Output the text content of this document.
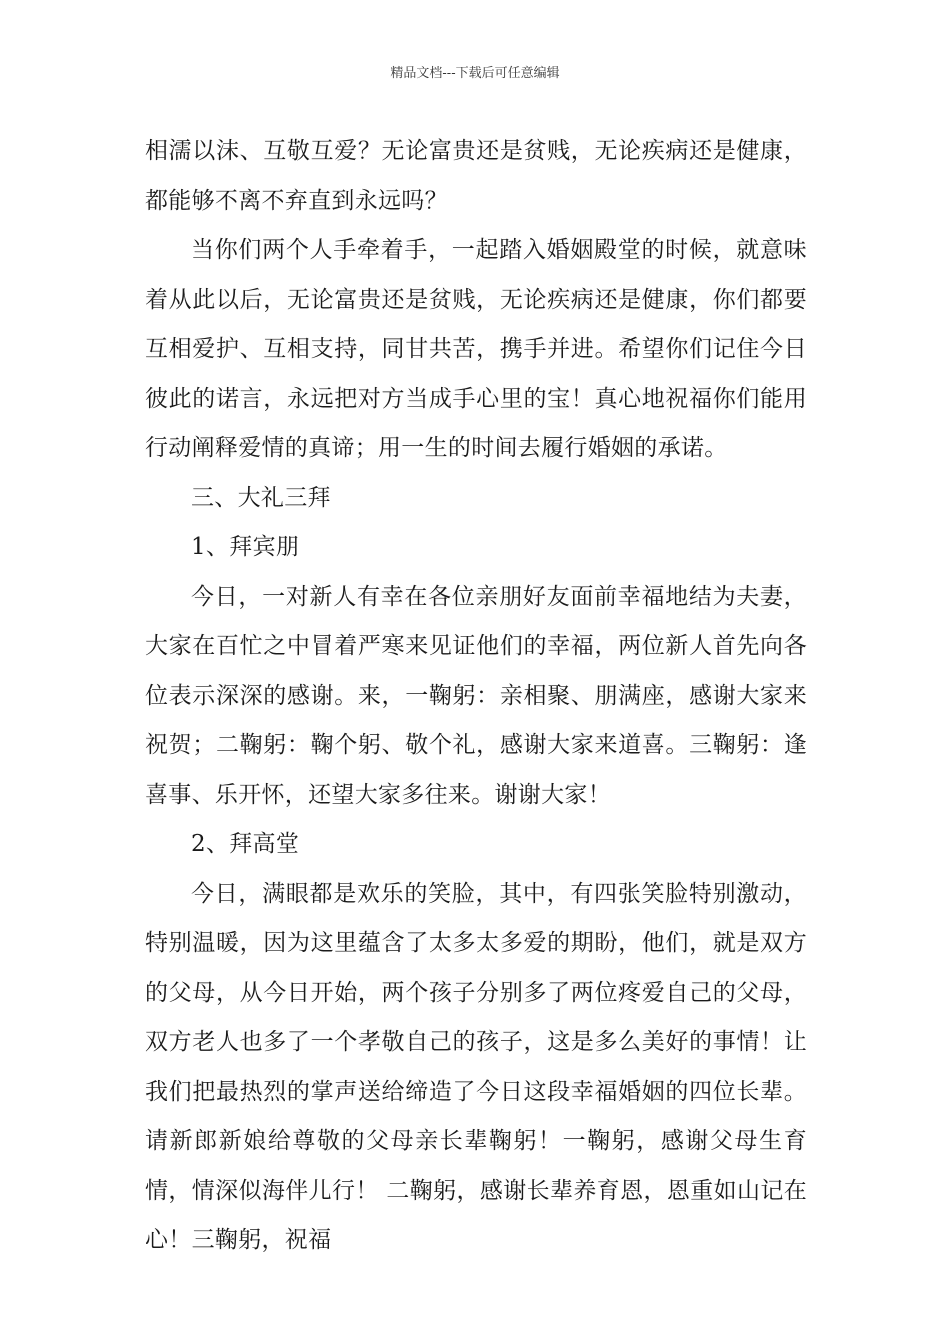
精品文档---下载后可任意编辑

相濡以沫、互敬互爱？无论富贵还是贫贱，无论疾病还是健康，都能够不离不弃直到永远吗？

当你们两个人手牵着手，一起踏入婚姻殿堂的时候，就意味着从此以后，无论富贵还是贫贱，无论疾病还是健康，你们都要互相爱护、互相支持，同甘共苦，携手并进。希望你们记住今日彼此的诺言，永远把对方当成手心里的宝！真心地祝福你们能用行动阐释爱情的真谛；用一生的时间去履行婚姻的承诺。

三、大礼三拜

1、拜宾朋

今日，一对新人有幸在各位亲朋好友面前幸福地结为夫妻，大家在百忙之中冒着严寒来见证他们的幸福，两位新人首先向各位表示深深的感谢。来，一鞠躬：亲相聚、朋满座，感谢大家来祝贺；二鞠躬：鞠个躬、敬个礼，感谢大家来道喜。三鞠躬：逢喜事、乐开怀，还望大家多往来。谢谢大家！

2、拜高堂

今日，满眼都是欢乐的笑脸，其中，有四张笑脸特别激动，特别温暖，因为这里蕴含了太多太多爱的期盼，他们，就是双方的父母，从今日开始，两个孩子分别多了两位疼爱自己的父母，双方老人也多了一个孝敬自己的孩子，这是多么美好的事情！让我们把最热烈的掌声送给缔造了今日这段幸福婚姻的四位长辈。请新郎新娘给尊敬的父母亲长辈鞠躬！一鞠躬，感谢父母生育情，情深似海伴儿行！ 二鞠躬，感谢长辈养育恩，恩重如山记在心！三鞠躬，祝福
